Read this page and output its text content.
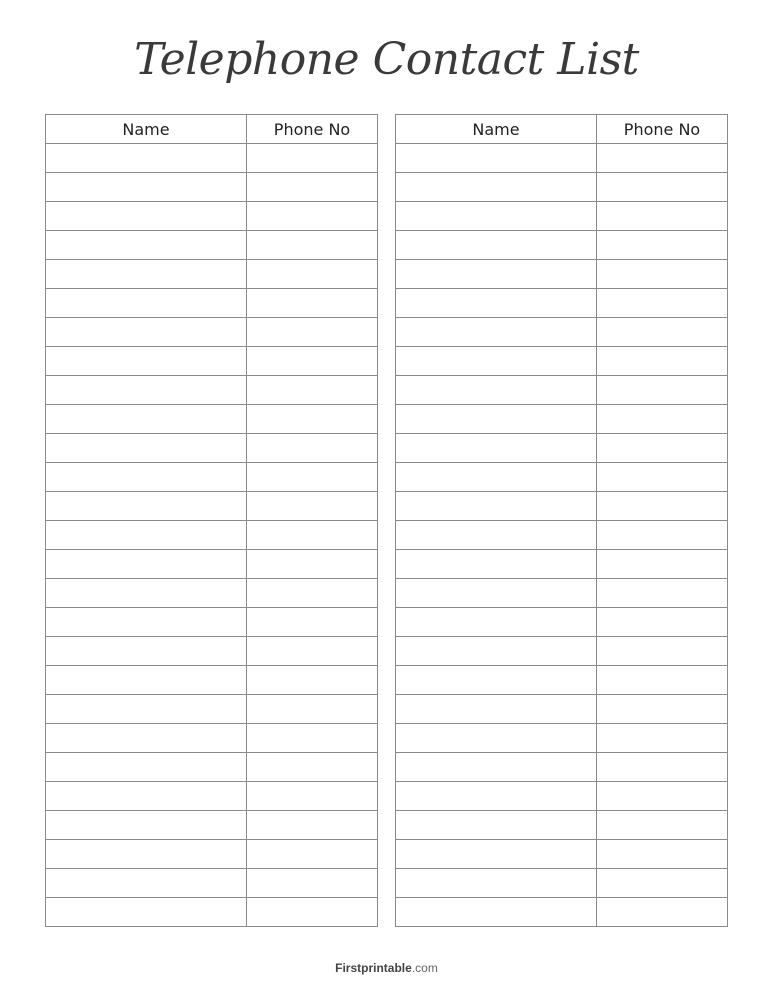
Telephone Contact List
Name	Phone No

		Name	Phone No

Firstprintable.com
